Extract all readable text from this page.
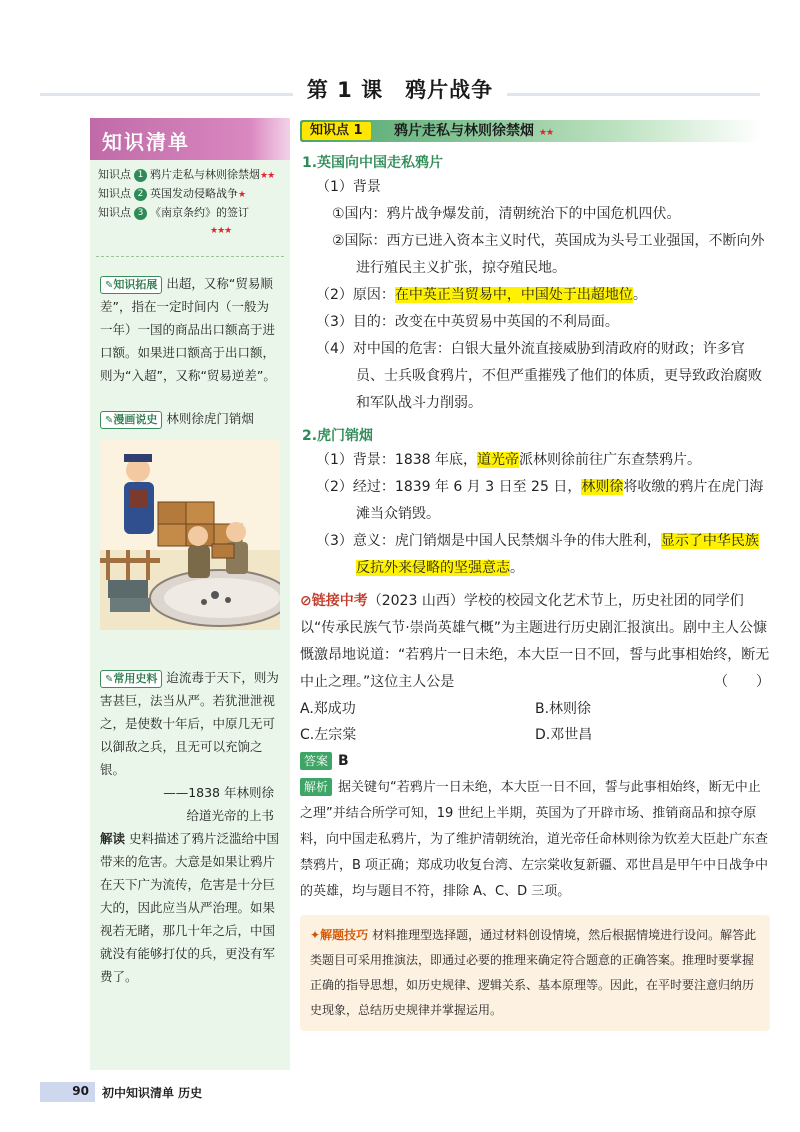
第 1 课　鸦片战争
知识清单
知识点 1 鸦片走私与林则徐禁烟★★
知识点 2 英国发动侵略战争★
知识点 3 《南京条约》的签订
★★★
✎知识拓展 出超，又称“贸易顺差”，指在一定时间内（一般为一年）一国的商品出口额高于进口额。如果进口额高于出口额，则为“入超”，又称“贸易逆差”。
✎漫画说史 林则徐虎门销烟
✎常用史料 迨流毒于天下，则为害甚巨，法当从严。若犹泄泄视之，是使数十年后，中原几无可以御敌之兵，且无可以充饷之银。
——1838 年林则徐
给道光帝的上书
解读 史料描述了鸦片泛滥给中国带来的危害。大意是如果让鸦片在天下广为流传，危害是十分巨大的，因此应当从严治理。如果视若无睹，那几十年之后，中国就没有能够打仗的兵，更没有军费了。
知识点 1	鸦片走私与林则徐禁烟 ★★
1.英国向中国走私鸦片
（1）背景
①国内：鸦片战争爆发前，清朝统治下的中国危机四伏。
②国际：西方已进入资本主义时代，英国成为头号工业强国，不断向外进行殖民主义扩张，掠夺殖民地。
（2）原因：在中英正当贸易中，中国处于出超地位。
（3）目的：改变在中英贸易中英国的不利局面。
（4）对中国的危害：白银大量外流直接威胁到清政府的财政；许多官员、士兵吸食鸦片，不但严重摧残了他们的体质，更导致政治腐败和军队战斗力削弱。
2.虎门销烟
（1）背景：1838 年底，道光帝派林则徐前往广东查禁鸦片。
（2）经过：1839 年 6 月 3 日至 25 日，林则徐将收缴的鸦片在虎门海滩当众销毁。
（3）意义：虎门销烟是中国人民禁烟斗争的伟大胜利，显示了中华民族反抗外来侵略的坚强意志。
⊘链接中考（2023 山西）学校的校园文化艺术节上，历史社团的同学们以“传承民族气节·崇尚英雄气概”为主题进行历史剧汇报演出。剧中主人公慷慨激昂地说道：“若鸦片一日未绝，本大臣一日不回，誓与此事相始终，断无中止之理。”这位主人公是	（　　）
A.郑成功	B.林则徐
C.左宗棠	D.邓世昌
答案 B
解析 据关键句“若鸦片一日未绝，本大臣一日不回，誓与此事相始终，断无中止之理”并结合所学可知，19 世纪上半期，英国为了开辟市场、推销商品和掠夺原料，向中国走私鸦片，为了维护清朝统治，道光帝任命林则徐为钦差大臣赴广东查禁鸦片，B 项正确；郑成功收复台湾、左宗棠收复新疆、邓世昌是甲午中日战争中的英雄，均与题目不符，排除 A、C、D 三项。
✦解题技巧 材料推理型选择题，通过材料创设情境，然后根据情境进行设问。解答此类题目可采用推演法，即通过必要的推理来确定符合题意的正确答案。推理时要掌握正确的指导思想，如历史规律、逻辑关系、基本原理等。因此，在平时要注意归纳历史现象，总结历史规律并掌握运用。
90	初中知识清单 历史
